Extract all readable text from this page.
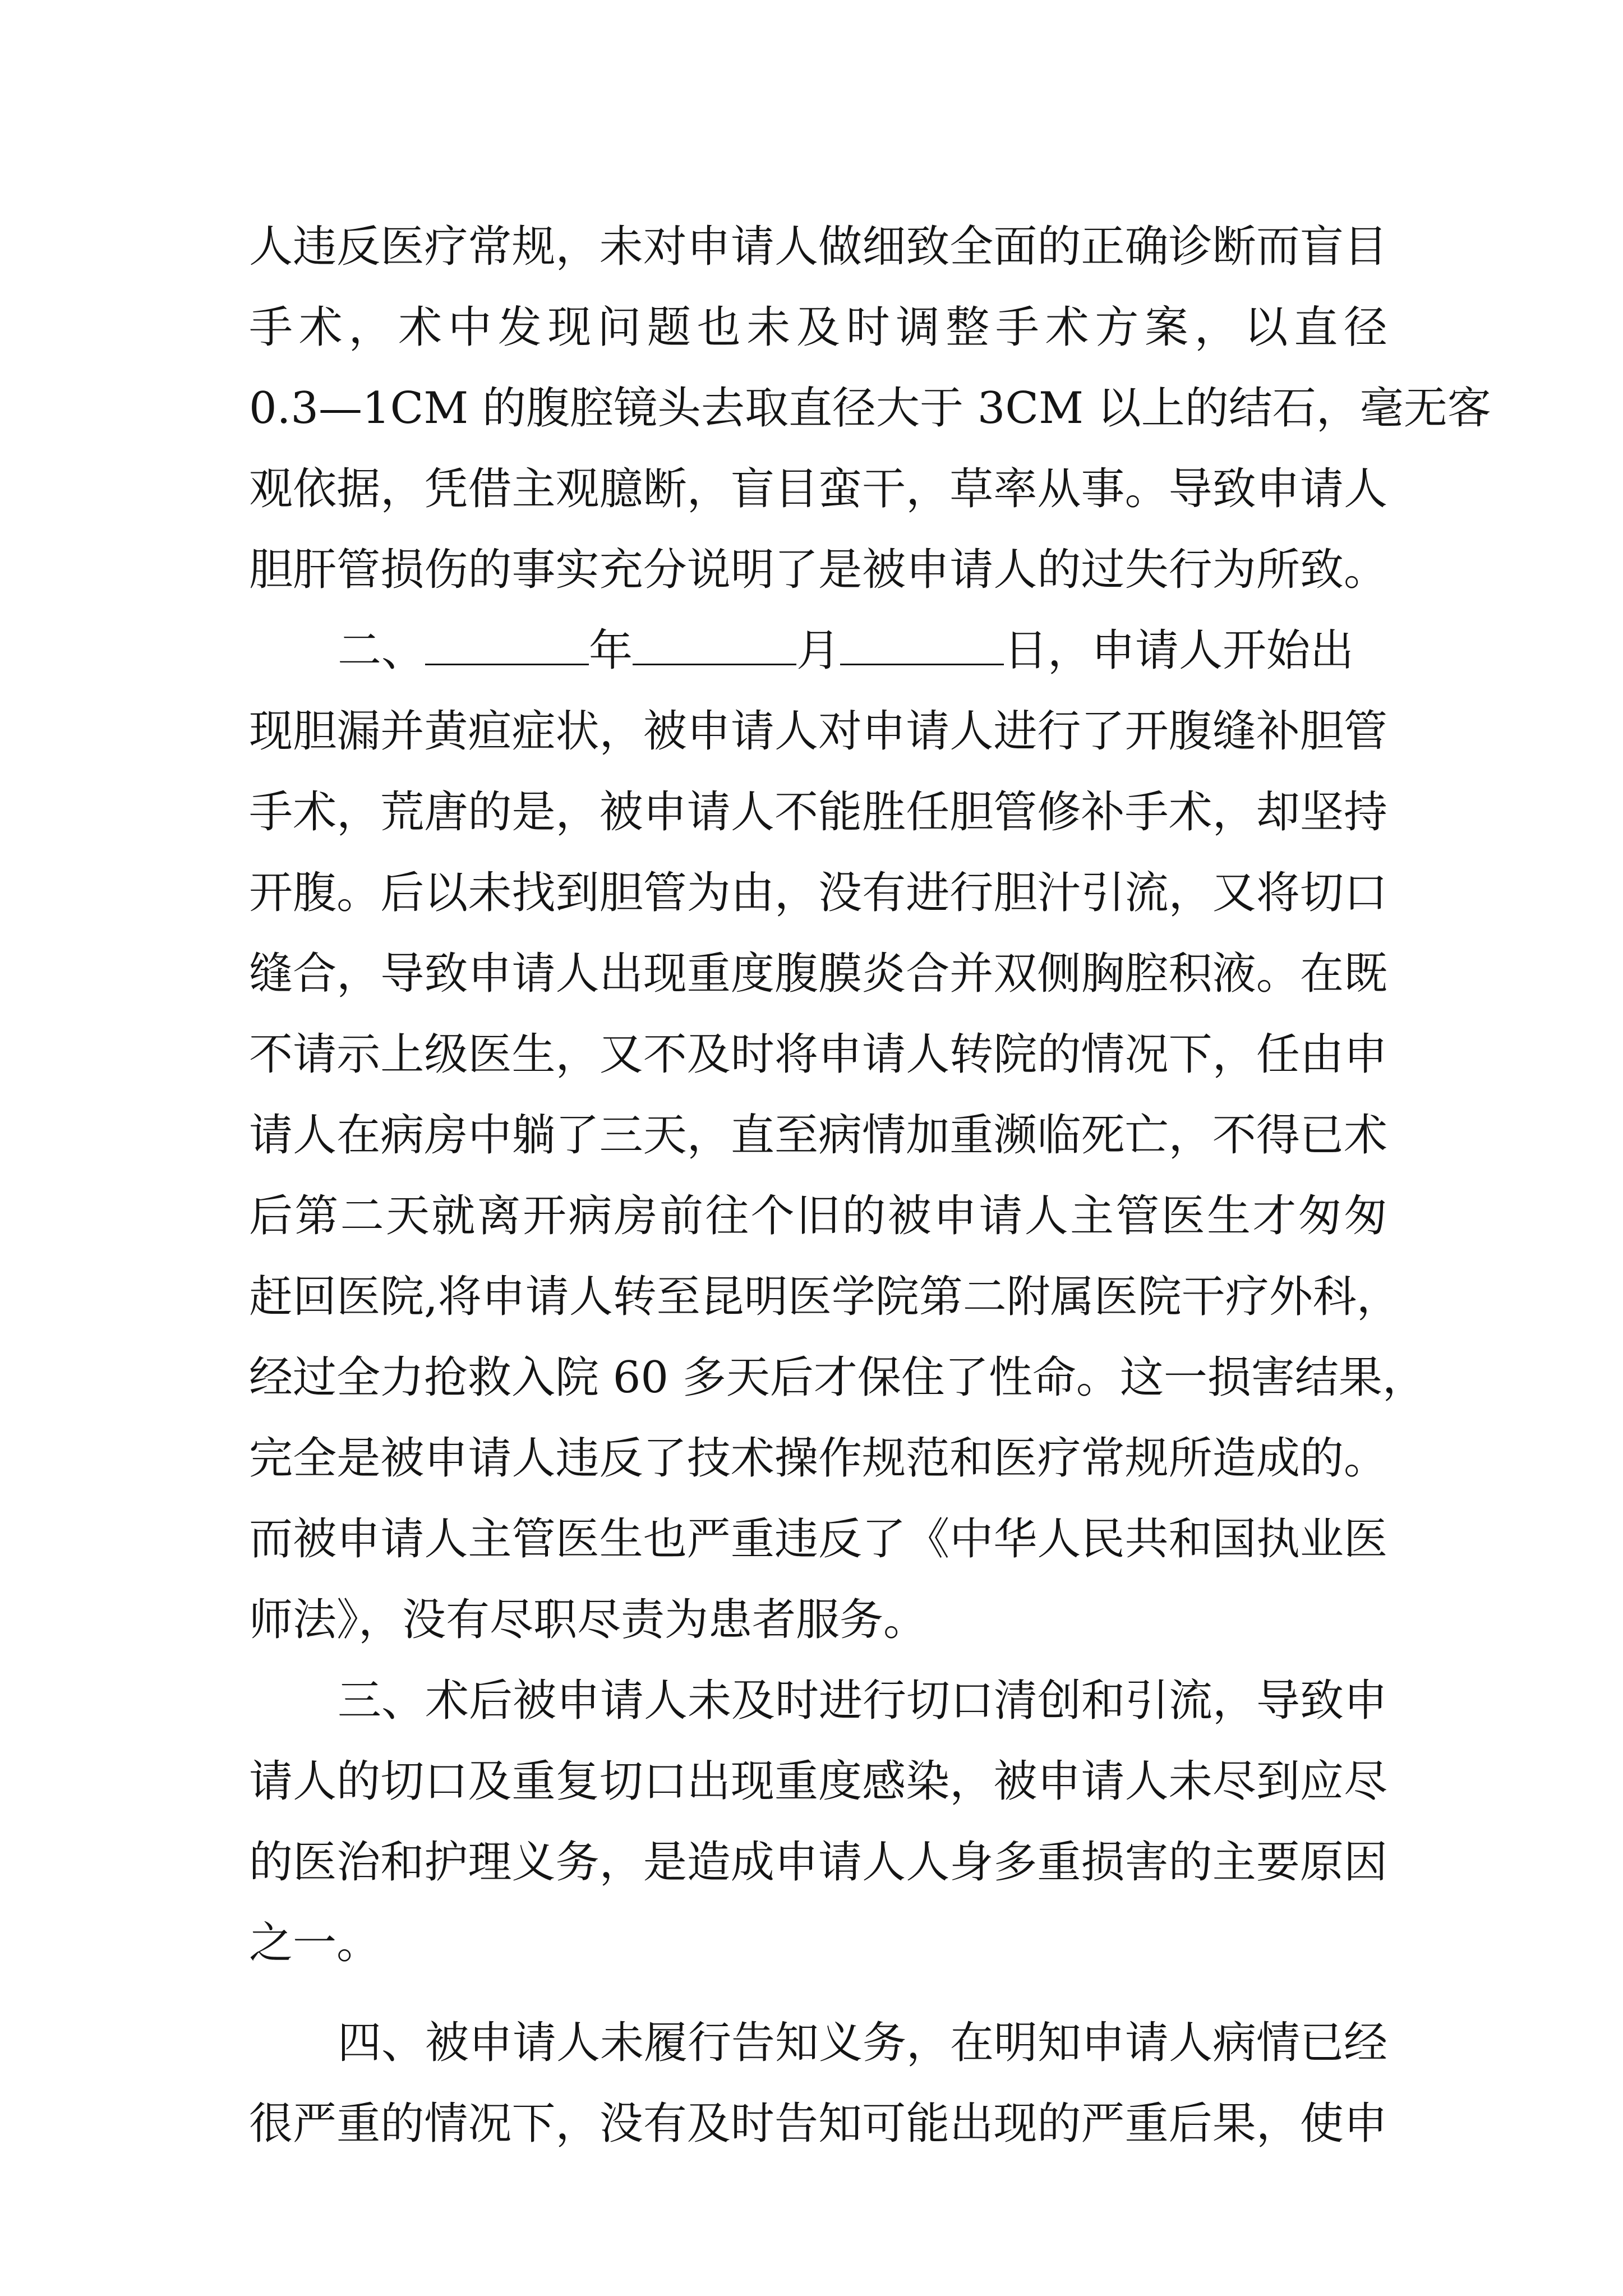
人违反医疗常规，未对申请人做细致全面的正确诊断而盲目
手术，术中发现问题也未及时调整手术方案，以直径
0.3—1CM 的腹腔镜头去取直径大于 3CM 以上的结石，毫无客
观依据，凭借主观臆断，盲目蛮干，草率从事。导致申请人
胆肝管损伤的事实充分说明了是被申请人的过失行为所致。
二、	年	月	日，申请人开始出
现胆漏并黄疸症状，被申请人对申请人进行了开腹缝补胆管
手术，荒唐的是，被申请人不能胜任胆管修补手术，却坚持
开腹。后以未找到胆管为由，没有进行胆汁引流，又将切口
缝合，导致申请人出现重度腹膜炎合并双侧胸腔积液。在既
不请示上级医生，又不及时将申请人转院的情况下，任由申
请人在病房中躺了三天，直至病情加重濒临死亡，不得已术
后第二天就离开病房前往个旧的被申请人主管医生才匆匆
赶回医院,将申请人转至昆明医学院第二附属医院干疗外科，
经过全力抢救入院 60 多天后才保住了性命。这一损害结果，
完全是被申请人违反了技术操作规范和医疗常规所造成的。
而被申请人主管医生也严重违反了《中华人民共和国执业医
师法》，没有尽职尽责为患者服务。
三、术后被申请人未及时进行切口清创和引流，导致申
请人的切口及重复切口出现重度感染，被申请人未尽到应尽
的医治和护理义务，是造成申请人人身多重损害的主要原因
之一。
四、被申请人未履行告知义务，在明知申请人病情已经
很严重的情况下，没有及时告知可能出现的严重后果，使申
